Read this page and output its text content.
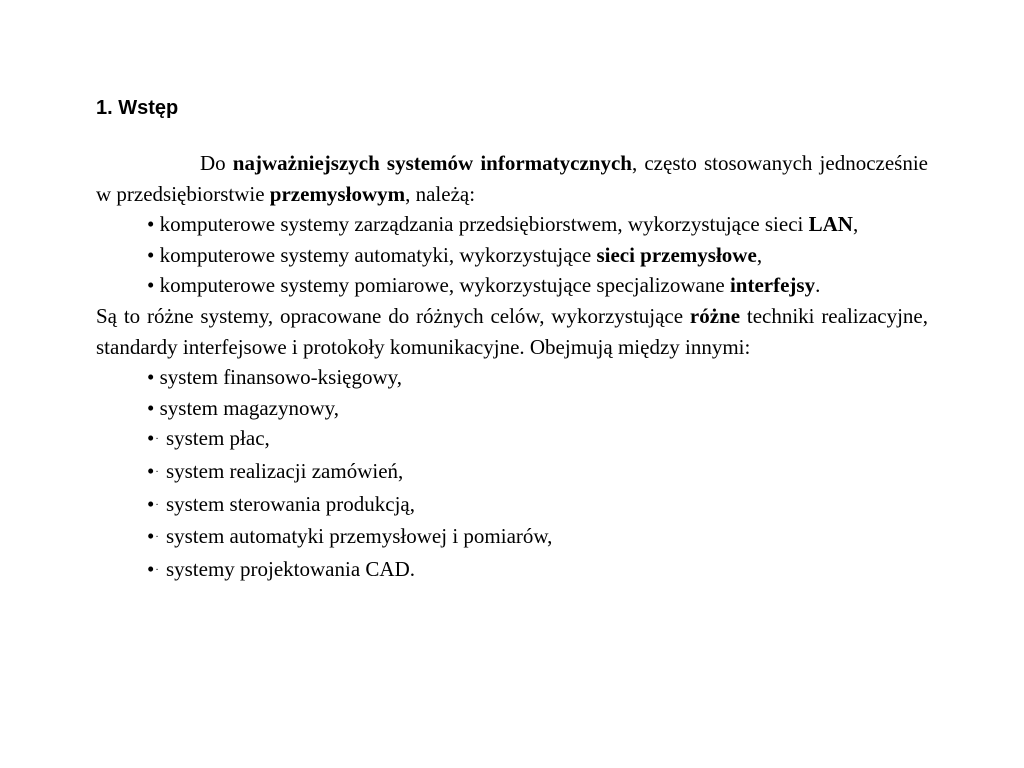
1. Wstęp

Do najważniejszych systemów informatycznych, często stosowanych jednocześnie w przedsiębiorstwie przemysłowym, należą:

• komputerowe systemy zarządzania przedsiębiorstwem, wykorzystujące sieci LAN,
• komputerowe systemy automatyki, wykorzystujące sieci przemysłowe,
• komputerowe systemy pomiarowe, wykorzystujące specjalizowane interfejsy.

Są to różne systemy, opracowane do różnych celów, wykorzystujące różne techniki realizacyjne, standardy interfejsowe i protokoły komunikacyjne. Obejmują między innymi:

• system finansowo-księgowy,
• system magazynowy,
•· system płac,
•· system realizacji zamówień,
•· system sterowania produkcją,
•· system automatyki przemysłowej i pomiarów,
•· systemy projektowania CAD.
